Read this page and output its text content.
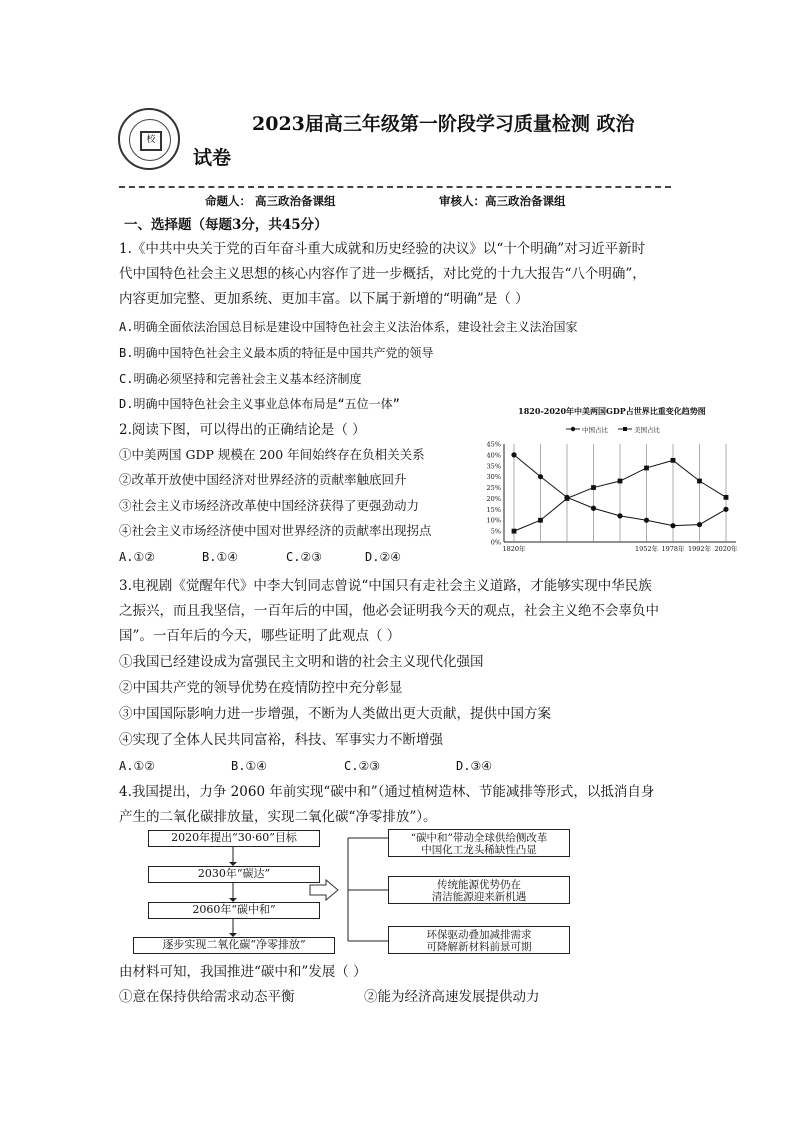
校
2023届高三年级第一阶段学习质量检测 政治
试卷
命题人： 高三政治备课组	审核人：高三政治备课组
一、选择题（每题3分，共45分）
1.《中共中央关于党的百年奋斗重大成就和历史经验的决议》以“十个明确”对习近平新时
代中国特色社会主义思想的核心内容作了进一步概括，对比党的十九大报告“八个明确”，
内容更加完整、更加系统、更加丰富。以下属于新增的“明确”是（ ）
A.明确全面依法治国总目标是建设中国特色社会主义法治体系，建设社会主义法治国家
B.明确中国特色社会主义最本质的特征是中国共产党的领导
C.明确必须坚持和完善社会主义基本经济制度
D.明确中国特色社会主义事业总体布局是“五位一体”
2.阅读下图，可以得出的正确结论是（ ）
①中美两国 GDP 规模在 200 年间始终存在负相关关系
②改革开放使中国经济对世界经济的贡献率触底回升
③社会主义市场经济改革使中国经济获得了更强劲动力
④社会主义市场经济使中国对世界经济的贡献率出现拐点
A.①②	B.①④	C.②③	D.②④
1820-2020年中美两国GDP占世界比重变化趋势图
中国占比	美国占比
0%
5%
10%
15%
20%
25%
30%
35%
40%
45%
1820年	1952年 1978年 1992年 2020年
3.电视剧《觉醒年代》中李大钊同志曾说“中国只有走社会主义道路，才能够实现中华民族
之振兴，而且我坚信，一百年后的中国，他必会证明我今天的观点，社会主义绝不会辜负中
国”。一百年后的今天，哪些证明了此观点（ ）
①我国已经建设成为富强民主文明和谐的社会主义现代化强国
②中国共产党的领导优势在疫情防控中充分彰显
③中国国际影响力进一步增强，不断为人类做出更大贡献，提供中国方案
④实现了全体人民共同富裕，科技、军事实力不断增强
A.①②	B.①④	C.②③	D.③④
4.我国提出，力争 2060 年前实现“碳中和”（通过植树造林、节能减排等形式，以抵消自身
产生的二氧化碳排放量，实现二氧化碳“净零排放”）。
2020年提出“30·60”目标
2030年“碳达”
2060年“碳中和”
逐步实现二氧化碳“净零排放”
“碳中和”带动全球供给侧改革
中国化工龙头稀缺性凸显
传统能源优势仍在
清洁能源迎来新机遇
环保驱动叠加减排需求
可降解新材料前景可期
由材料可知，我国推进“碳中和”发展（ ）
①意在保持供给需求动态平衡	②能为经济高速发展提供动力
